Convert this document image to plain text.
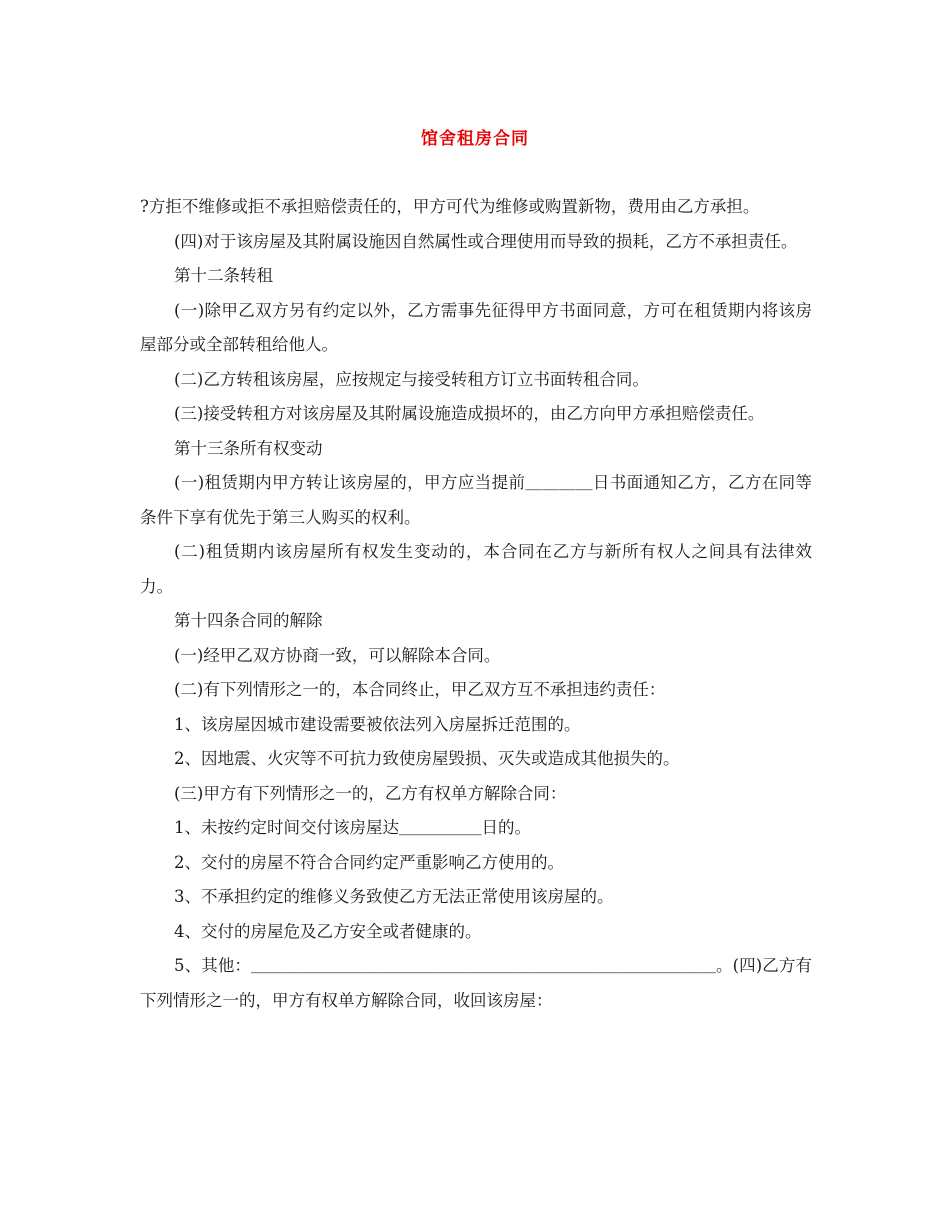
馆舍租房合同

?方拒不维修或拒不承担赔偿责任的，甲方可代为维修或购置新物，费用由乙方承担。

(四)对于该房屋及其附属设施因自然属性或合理使用而导致的损耗，乙方不承担责任。

第十二条转租

(一)除甲乙双方另有约定以外，乙方需事先征得甲方书面同意，方可在租赁期内将该房屋部分或全部转租给他人。

(二)乙方转租该房屋，应按规定与接受转租方订立书面转租合同。

(三)接受转租方对该房屋及其附属设施造成损坏的，由乙方向甲方承担赔偿责任。

第十三条所有权变动

(一)租赁期内甲方转让该房屋的，甲方应当提前＿＿＿＿日书面通知乙方，乙方在同等条件下享有优先于第三人购买的权利。

(二)租赁期内该房屋所有权发生变动的，本合同在乙方与新所有权人之间具有法律效力。

第十四条合同的解除

(一)经甲乙双方协商一致，可以解除本合同。

(二)有下列情形之一的，本合同终止，甲乙双方互不承担违约责任：

1、该房屋因城市建设需要被依法列入房屋拆迁范围的。

2、因地震、火灾等不可抗力致使房屋毁损、灭失或造成其他损失的。

(三)甲方有下列情形之一的，乙方有权单方解除合同：

1、未按约定时间交付该房屋达＿＿＿＿＿日的。

2、交付的房屋不符合合同约定严重影响乙方使用的。

3、不承担约定的维修义务致使乙方无法正常使用该房屋的。

4、交付的房屋危及乙方安全或者健康的。

5、其他：＿＿＿＿＿＿＿＿＿＿＿＿＿＿＿＿＿＿＿＿＿＿＿＿＿＿＿＿。(四)乙方有下列情形之一的，甲方有权单方解除合同，收回该房屋：
